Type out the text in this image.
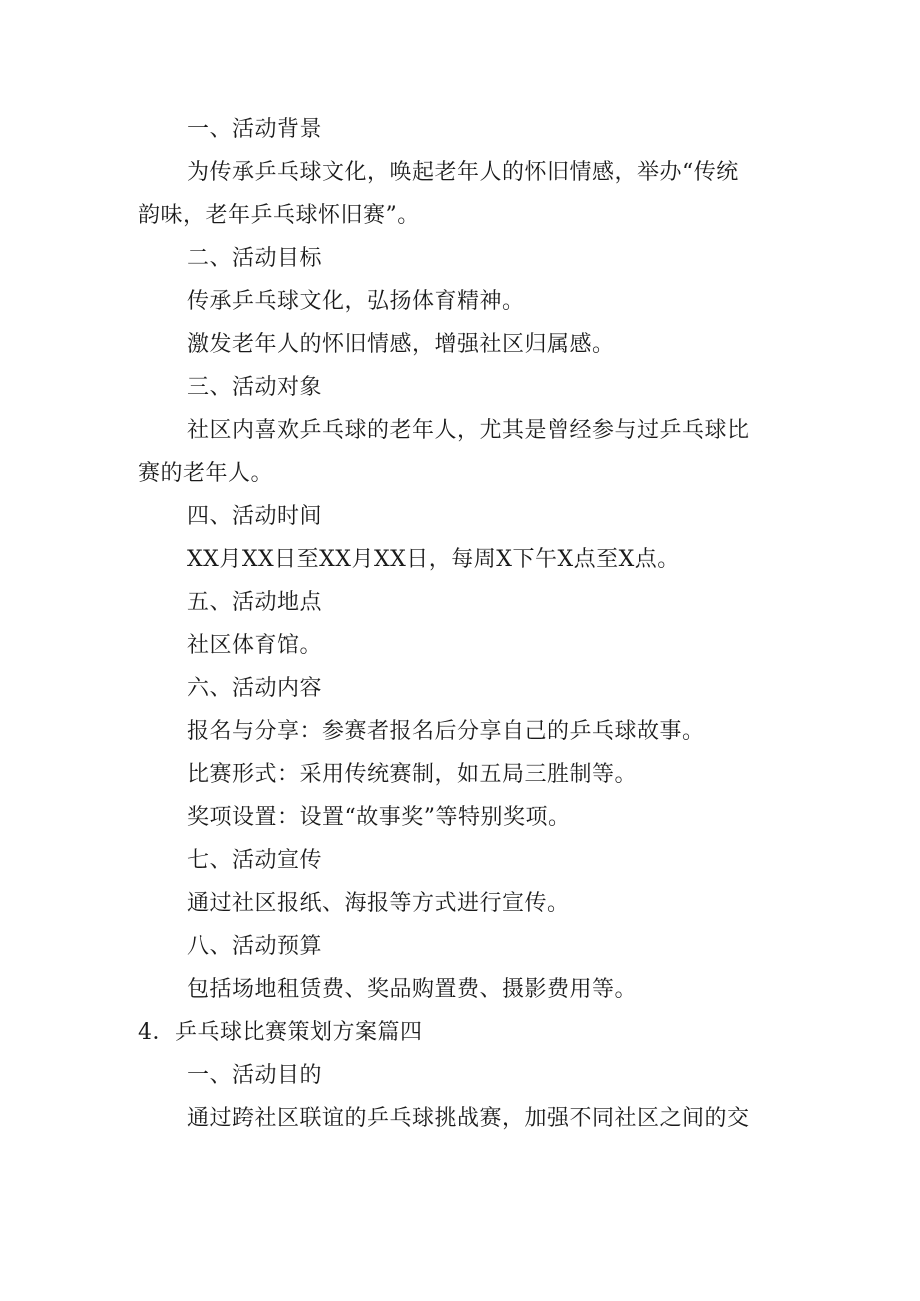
一、活动背景
为传承乒乓球文化，唤起老年人的怀旧情感，举办“传统
韵味，老年乒乓球怀旧赛”。
二、活动目标
传承乒乓球文化，弘扬体育精神。
激发老年人的怀旧情感，增强社区归属感。
三、活动对象
社区内喜欢乒乓球的老年人，尤其是曾经参与过乒乓球比
赛的老年人。
四、活动时间
XX月XX日至XX月XX日，每周X下午X点至X点。
五、活动地点
社区体育馆。
六、活动内容
报名与分享：参赛者报名后分享自己的乒乓球故事。
比赛形式：采用传统赛制，如五局三胜制等。
奖项设置：设置“故事奖”等特别奖项。
七、活动宣传
通过社区报纸、海报等方式进行宣传。
八、活动预算
包括场地租赁费、奖品购置费、摄影费用等。
4．乒乓球比赛策划方案篇四
一、活动目的
通过跨社区联谊的乒乓球挑战赛，加强不同社区之间的交
